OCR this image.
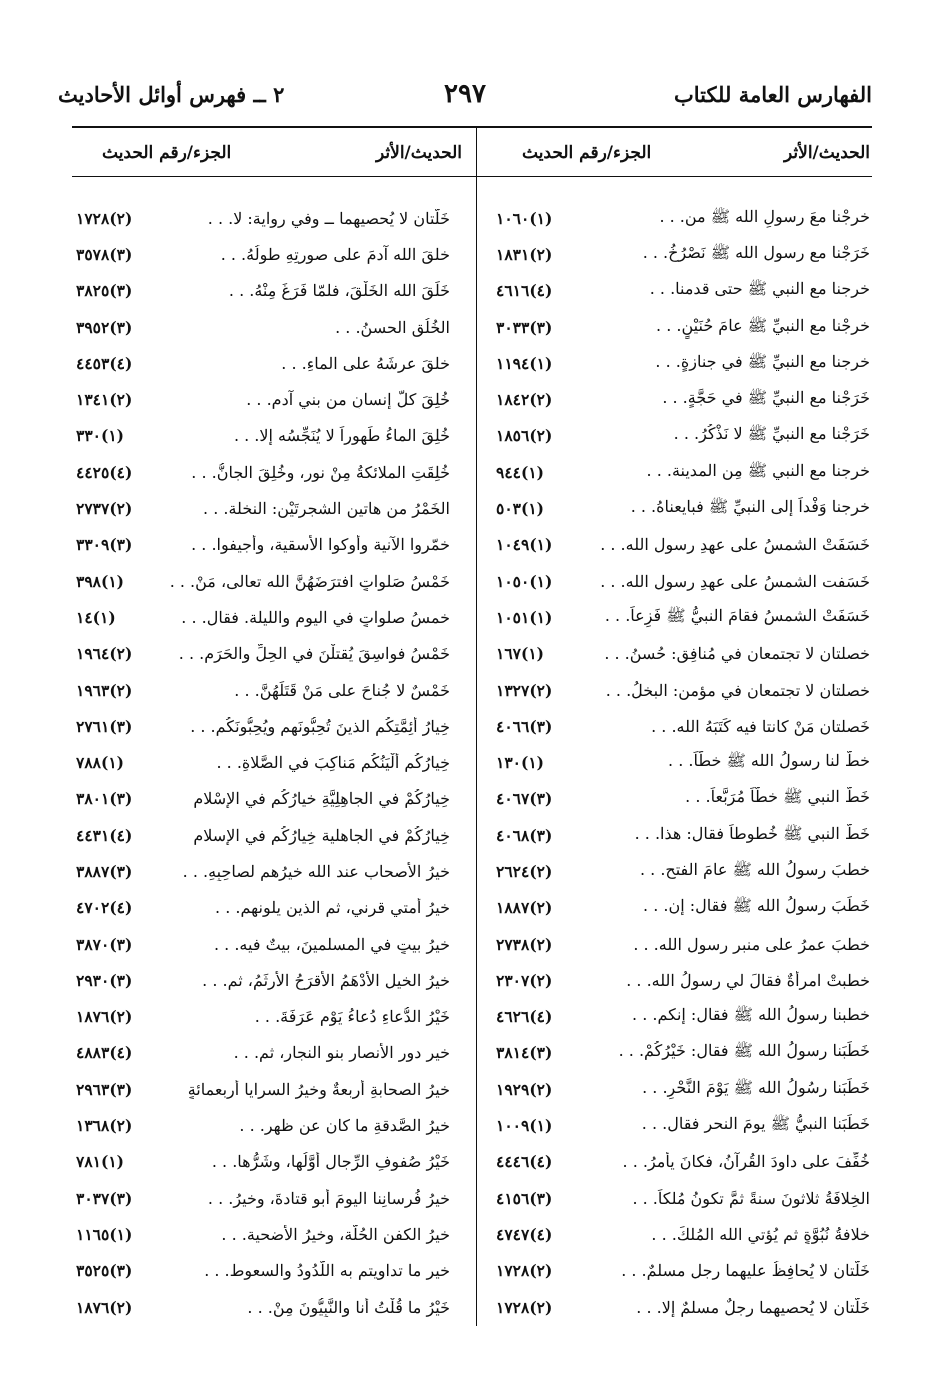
الفهارس العامة للكتاب
٢٩٧
٢ ــ فهرس أوائل الأحاديث
الحديث/الأثر
الجزء/رقم الحديث
الحديث/الأثر
الجزء/رقم الحديث
خرجْنا معَ رسولِ الله ﷺ من. . .
(١)١٠٦٠
خَرَجْنا مع رسول الله ﷺ نَصْرُخُ. . .
(٢)١٨٣١
خرجنا مع النبي ﷺ حتى قدمنا. . .
(٤)٤٦١٦
خرجْنا مع النبيِّ ﷺ عامَ حُنَيْنٍ. . .
(٣)٣٠٣٣
خرجنا مع النبيِّ ﷺ في جنازةٍ. . .
(١)١١٩٤
خَرَجْنا مع النبيِّ ﷺ في حَجَّةٍ. . .
(٢)١٨٤٢
خَرَجْنا مع النبيِّ ﷺ لا نَذْكُرُ. . .
(٢)١٨٥٦
خرجنا مع النبي ﷺ مِن المدينة. . .
(١)٩٤٤
خرجنا وَفْداً إلى النبيِّ ﷺ فبايعناهُ. . .
(١)٥٠٣
خَسَفَتْ الشمسُ على عهدِ رسولِ الله. . .
(١)١٠٤٩
خَسَفت الشمسُ على عهدِ رسولِ الله. . .
(١)١٠٥٠
خَسَفَتْ الشمسُ فقامَ النبيُّ ﷺ فَزِعاً. . .
(١)١٠٥١
خصلتانِ لا تجتمعانِ في مُنافِقٍ: حُسنُ. . .
(١)١٦٧
خصلتانِ لا تجتمعانِ في مؤمنٍ: البخلُ. . .
(٢)١٣٢٧
خَصلتانِ مَنْ كانتا فيه كَتَبَهُ الله. . .
(٣)٤٠٦٦
خطَّ لنا رسولُ الله ﷺ خطّاً. . .
(١)١٣٠
خَطَّ النبي ﷺ خطّاً مُرَبَّعاً. . .
(٣)٤٠٦٧
خَطَّ النبي ﷺ خُطوطاً فقال: هذا. . .
(٣)٤٠٦٨
خطبَ رسولُ الله ﷺ عامَ الفتح. . .
(٢)٢٦٢٤
خَطَبَ رسولُ الله ﷺ فقال: إن. . .
(٢)١٨٨٧
خطبَ عمرُ على منبرِ رسولِ الله. . .
(٢)٢٧٣٨
خطبتْ امرأةٌ فقالَ لي رسولُ الله. . .
(٢)٢٣٠٧
خطبنا رسولُ الله ﷺ فقال: إنكم. . .
(٤)٤٦٢٦
خَطَبَنا رسولُ الله ﷺ فقال: خَيْرُكُمْ. . .
(٣)٣٨١٤
خَطَبَنا رسُولُ الله ﷺ يَوْمَ النَّحْرِ. . .
(٢)١٩٢٩
خَطَبَنا النبيُّ ﷺ يومَ النحر فقال. . .
(١)١٠٠٩
خُفِّفَ على داودَ القُرآنُ، فكانَ يأمرُ. . .
(٤)٤٤٤٦
الخِلافَةُ ثلاثونَ سنةً ثمَّ تكونُ مُلكاً. . .
(٣)٤١٥٦
خلافةُ نُبُوَّةٍ ثم يُؤتي الله المُلكَ. . .
(٤)٤٧٤٧
خَلَّتانِ لا يُحافِظُ عليهما رجل مسلمٌ. . .
(٢)١٧٢٨
خَلَّتانِ لا يُحصيهما رجلٌ مسلمٌ إلا. . .
(٢)١٧٢٨
خَلَّتانِ لا يُحصيهما ــ وفي رواية: لا. . .
(٢)١٧٢٨
خلقَ الله آدمَ على صورتِهِ طولُهُ. . .
(٣)٣٥٧٨
خَلَقَ الله الخَلْقَ، فلمّا فَرَغَ مِنْهُ. . .
(٣)٣٨٢٥
الخُلُق الحسنُ. . .
(٣)٣٩٥٢
خلقَ عرشَهُ على الماءِ. . .
(٤)٤٤٥٣
خُلِقَ كلُّ إنسانٍ من بني آدم. . .
(٢)١٣٤١
خُلِقَ الماءُ طَهوراً لا يُنَجِّسُه إلا. . .
(١)٣٣٠
خُلِقَتِ الملائكةُ مِنْ نورٍ، وخُلِقَ الجانُّ. . .
(٤)٤٤٢٥
الخَمْرُ من هاتينِ الشجرتَيْنِ: النخلة. . .
(٢)٢٧٣٧
خمّروا الآنية وأوكوا الأسقية، وأجيفوا. . .
(٣)٣٣٠٩
خَمْسُ صَلواتٍ افترَضَهُنَّ الله تعالى، مَنْ. . .
(١)٣٩٨
خمسُ صلواتٍ في اليوم والليلة. فقال. . .
(١)١٤
خَمْسُ فواسِقَ يُقتلْنَ في الحِلِّ والحَرَمِ. . .
(٢)١٩٦٤
خَمْسٌ لا جُناحَ على مَنْ قَتَلَهُنَّ. . .
(٢)١٩٦٣
خِيارُ أَئِمَّتِكُم الذينَ تُحِبُّونَهم ويُحِبُّونَكُم. . .
(٣)٢٧٦١
خِيارُكُم أَلْيَنُكُم مَناكِبَ في الصَّلاةِ. . .
(١)٧٨٨
خِيارُكُمْ في الجاهِلِيَّةِ خيارُكُم في الإسْلام
(٣)٣٨٠١
خِيارُكُمْ في الجاهلية خِيارُكُم في الإسلام
(٤)٤٤٣١
خيرُ الأصحاب عند الله خيرُهم لصاحِبِهِ. . .
(٣)٣٨٨٧
خيرُ أمتي قرني، ثم الذين يلونهم. . .
(٤)٤٧٠٢
خيرُ بيتٍ في المسلمينَ، بيتٌ فيه. . .
(٣)٣٨٧٠
خيرُ الخيلِ الأدْهَمُ الأقرَحُ الأرثَمُ، ثم. . .
(٣)٢٩٣٠
خَيْرُ الدُّعاءِ دُعاءُ يَوْمِ عَرَفَةَ. . .
(٢)١٨٧٦
خير دور الأنصار بنو النجار، ثم. . .
(٤)٤٨٨٣
خيرُ الصحابةِ أربعةٌ وخيرُ السرايا أربعمائةٍ
(٣)٢٩٦٣
خيرُ الصَّدقةِ ما كان عن ظهرٍ. . .
(٢)١٣٦٨
خَيْرُ صُفوفِ الرِّجالِ أوَّلُها، وشَرُّها. . .
(١)٧٨١
خيرُ فُرسانِنا اليومَ أبو قتادةَ، وخيرُ. . .
(٣)٣٠٣٧
خيرُ الكفنِ الحُلَّة، وخيرُ الأضحية. . .
(١)١١٦٥
خير ما تداويتم به اللَّدُودُ والسعوط. . .
(٣)٣٥٢٥
خَيْرُ ما قُلْتُ أنا والنَّبِيُّونَ مِنْ. . .
(٢)١٨٧٦
